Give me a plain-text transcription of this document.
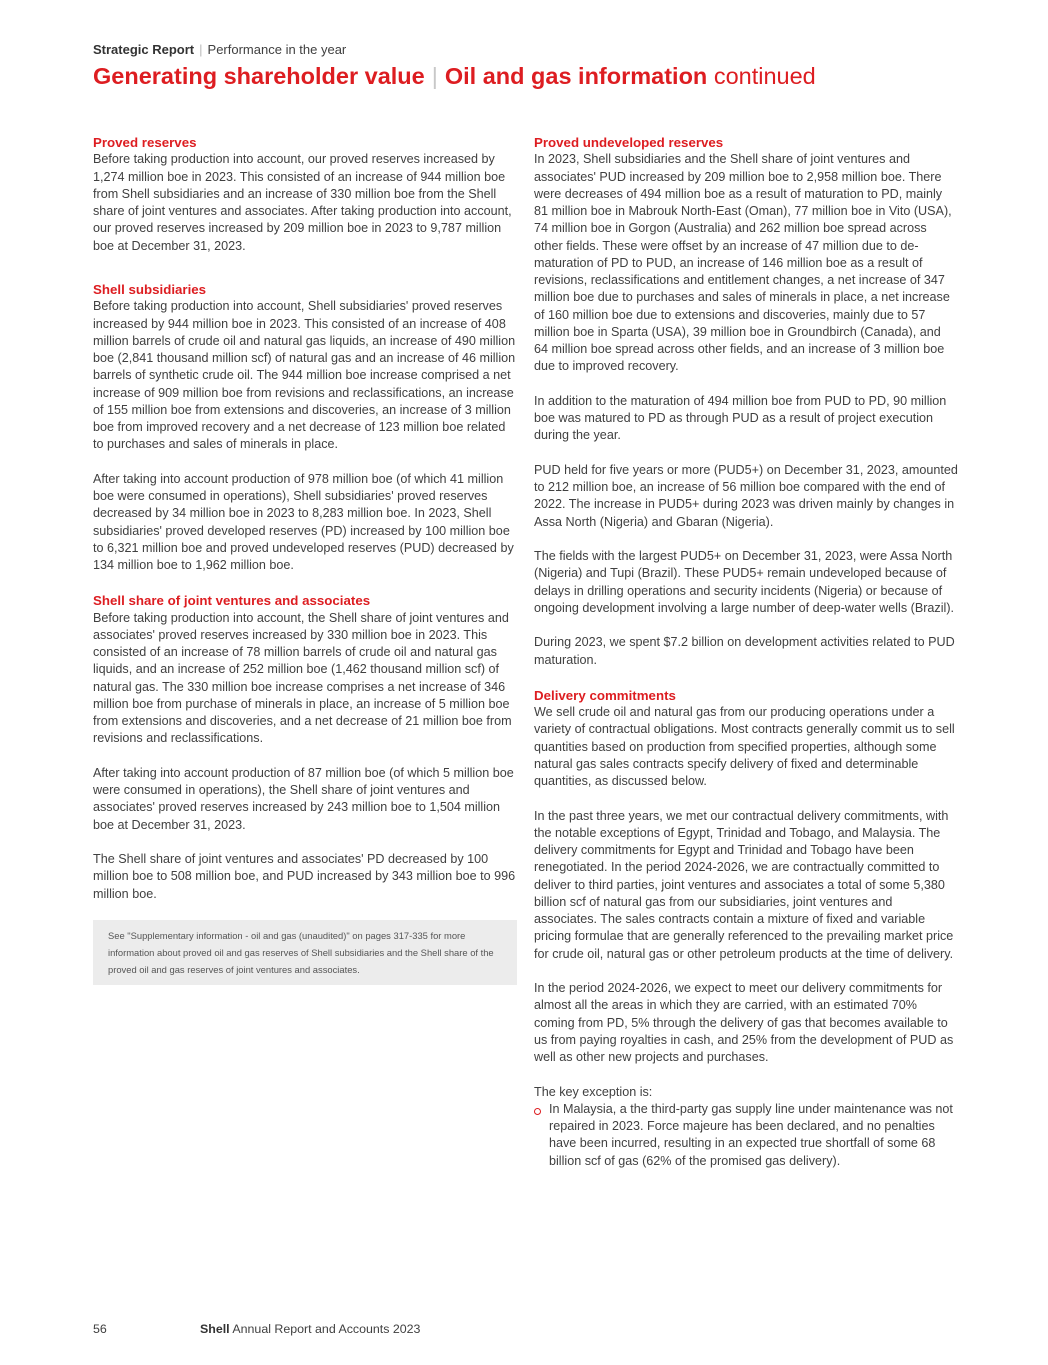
Strategic Report | Performance in the year
Generating shareholder value | Oil and gas information continued
Proved reserves

Before taking production into account, our proved reserves increased by 1,274 million boe in 2023. This consisted of an increase of 944 million boe from Shell subsidiaries and an increase of 330 million boe from the Shell share of joint ventures and associates. After taking production into account, our proved reserves increased by 209 million boe in 2023 to 9,787 million boe at December 31, 2023.

Shell subsidiaries

Before taking production into account, Shell subsidiaries' proved reserves increased by 944 million boe in 2023. This consisted of an increase of 408 million barrels of crude oil and natural gas liquids, an increase of 490 million boe (2,841 thousand million scf) of natural gas and an increase of 46 million barrels of synthetic crude oil. The 944 million boe increase comprised a net increase of 909 million boe from revisions and reclassifications, an increase of 155 million boe from extensions and discoveries, an increase of 3 million boe from improved recovery and a net decrease of 123 million boe related to purchases and sales of minerals in place.

After taking into account production of 978 million boe (of which 41 million boe were consumed in operations), Shell subsidiaries' proved reserves decreased by 34 million boe in 2023 to 8,283 million boe. In 2023, Shell subsidiaries' proved developed reserves (PD) increased by 100 million boe to 6,321 million boe and proved undeveloped reserves (PUD) decreased by 134 million boe to 1,962 million boe.

Shell share of joint ventures and associates

Before taking production into account, the Shell share of joint ventures and associates' proved reserves increased by 330 million boe in 2023. This consisted of an increase of 78 million barrels of crude oil and natural gas liquids, and an increase of 252 million boe (1,462 thousand million scf) of natural gas. The 330 million boe increase comprises a net increase of 346 million boe from purchase of minerals in place, an increase of 5 million boe from extensions and discoveries, and a net decrease of 21 million boe from revisions and reclassifications.

After taking into account production of 87 million boe (of which 5 million boe were consumed in operations), the Shell share of joint ventures and associates' proved reserves increased by 243 million boe to 1,504 million boe at December 31, 2023.

The Shell share of joint ventures and associates' PD decreased by 100 million boe to 508 million boe, and PUD increased by 343 million boe to 996 million boe.

See "Supplementary information - oil and gas (unaudited)" on pages 317-335 for more information about proved oil and gas reserves of Shell subsidiaries and the Shell share of the proved oil and gas reserves of joint ventures and associates.
Proved undeveloped reserves

In 2023, Shell subsidiaries and the Shell share of joint ventures and associates' PUD increased by 209 million boe to 2,958 million boe. There were decreases of 494 million boe as a result of maturation to PD, mainly 81 million boe in Mabrouk North-East (Oman), 77 million boe in Vito (USA), 74 million boe in Gorgon (Australia) and 262 million boe spread across other fields. These were offset by an increase of 47 million due to de-maturation of PD to PUD, an increase of 146 million boe as a result of revisions, reclassifications and entitlement changes, a net increase of 347 million boe due to purchases and sales of minerals in place, a net increase of 160 million boe due to extensions and discoveries, mainly due to 57 million boe in Sparta (USA), 39 million boe in Groundbirch (Canada), and 64 million boe spread across other fields, and an increase of 3 million boe due to improved recovery.

In addition to the maturation of 494 million boe from PUD to PD, 90 million boe was matured to PD as through PUD as a result of project execution during the year.

PUD held for five years or more (PUD5+) on December 31, 2023, amounted to 212 million boe, an increase of 56 million boe compared with the end of 2022. The increase in PUD5+ during 2023 was driven mainly by changes in Assa North (Nigeria) and Gbaran (Nigeria).

The fields with the largest PUD5+ on December 31, 2023, were Assa North (Nigeria) and Tupi (Brazil). These PUD5+ remain undeveloped because of delays in drilling operations and security incidents (Nigeria) or because of ongoing development involving a large number of deep-water wells (Brazil).

During 2023, we spent $7.2 billion on development activities related to PUD maturation.

Delivery commitments

We sell crude oil and natural gas from our producing operations under a variety of contractual obligations. Most contracts generally commit us to sell quantities based on production from specified properties, although some natural gas sales contracts specify delivery of fixed and determinable quantities, as discussed below.

In the past three years, we met our contractual delivery commitments, with the notable exceptions of Egypt, Trinidad and Tobago, and Malaysia. The delivery commitments for Egypt and Trinidad and Tobago have been renegotiated. In the period 2024-2026, we are contractually committed to deliver to third parties, joint ventures and associates a total of some 5,380 billion scf of natural gas from our subsidiaries, joint ventures and associates. The sales contracts contain a mixture of fixed and variable pricing formulae that are generally referenced to the prevailing market price for crude oil, natural gas or other petroleum products at the time of delivery.

In the period 2024-2026, we expect to meet our delivery commitments for almost all the areas in which they are carried, with an estimated 70% coming from PD, 5% through the delivery of gas that becomes available to us from paying royalties in cash, and 25% from the development of PUD as well as other new projects and purchases.

The key exception is:

In Malaysia, a the third-party gas supply line under maintenance was not repaired in 2023. Force majeure has been declared, and no penalties have been incurred, resulting in an expected true shortfall of some 68 billion scf of gas (62% of the promised gas delivery).
56	Shell Annual Report and Accounts 2023
